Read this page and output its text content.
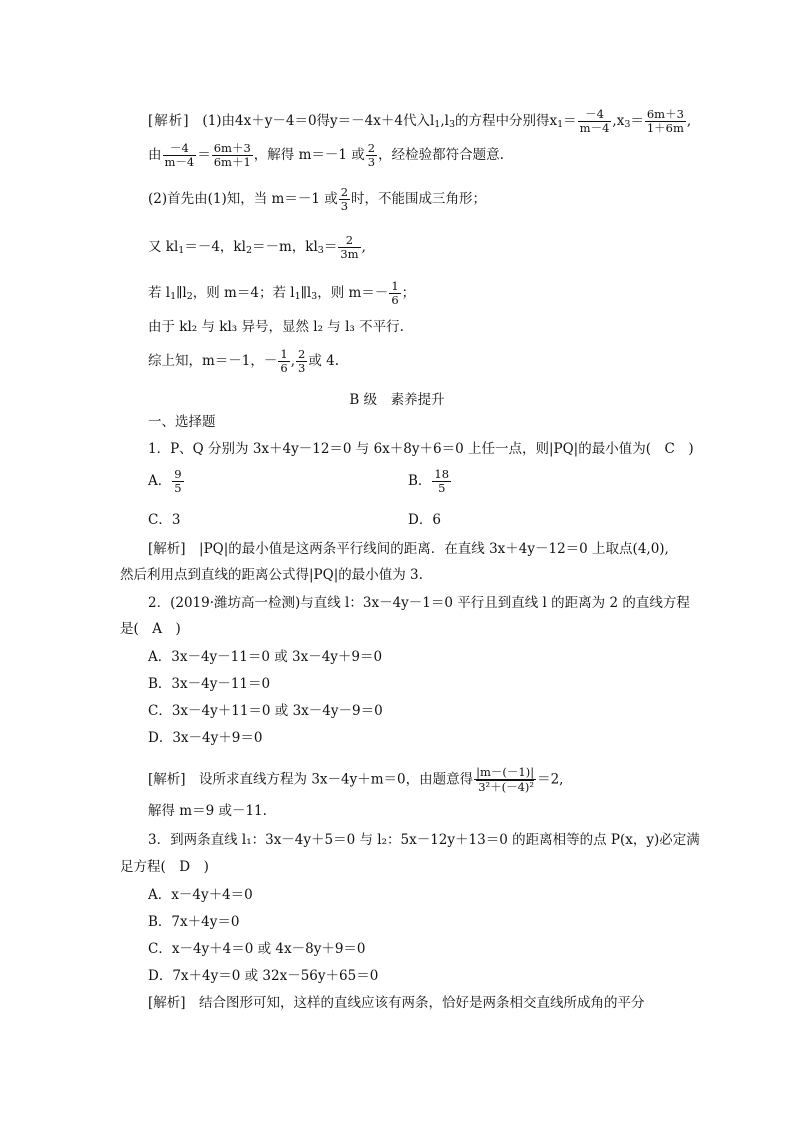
[解析] (1)由4x＋y－4＝0得y＝－4x＋4代入$l_1,l_3$的方程中分别得$x_1= \frac{-4}{m-4} ,x_3= \frac{6m+3}{1+6m}$ ,
由 $\frac{-4}{m-4} = \frac{6m+3}{6m+1}$ ，解得 m＝－1 或 $\frac{2}{3}$ ，经检验都符合题意.
(2)首先由(1)知，当 m＝－1 或 $\frac{2}{3}$ 时，不能围成三角形；
又 $kl_1=-4$，$kl_2=-m$，$kl_3= \frac{2}{3m}$ ,
若 $l_1\parallel l_2$，则 m＝4；若 $l_1\parallel l_3$，则 $m=- \frac{1}{6}$ ；
由于 kl₂ 与 kl₃ 异号，显然 l₂ 与 l₃ 不平行.
综上知，m＝－1，－ $\frac{1}{6}$ , $\frac{2}{3}$ 或 4.
B 级　素养提升
一、选择题
1．P、Q 分别为 3x＋4y－12＝0 与 6x＋8y＋6＝0 上任一点，则|PQ|的最小值为(　C　)
A． $\frac{9}{5}$	B． $\frac{18}{5}$
C．3	D．6
[解析]　|PQ|的最小值是这两条平行线间的距离．在直线 3x＋4y－12＝0 上取点(4,0),
然后利用点到直线的距离公式得|PQ|的最小值为 3.
2．(2019·潍坊高一检测)与直线 l：3x－4y－1＝0 平行且到直线 l 的距离为 2 的直线方程
是(　A　)
A．3x－4y－11＝0 或 3x－4y＋9＝0
B．3x－4y－11＝0
C．3x－4y＋11＝0 或 3x－4y－9＝0
D．3x－4y＋9＝0
[解析]　设所求直线方程为 3x－4y＋m＝0，由题意得 $\frac{|m-(-1)|}{\text{3²＋(－4)²}} =2$,
解得 m＝9 或－11.
3．到两条直线 l₁：3x－4y＋5＝0 与 l₂：5x－12y＋13＝0 的距离相等的点 P(x，y)必定满
足方程(　D　)
A．x－4y＋4＝0
B．7x＋4y＝0
C．x－4y＋4＝0 或 4x－8y＋9＝0
D．7x＋4y＝0 或 32x－56y＋65＝0
[解析]　结合图形可知，这样的直线应该有两条，恰好是两条相交直线所成角的平分
